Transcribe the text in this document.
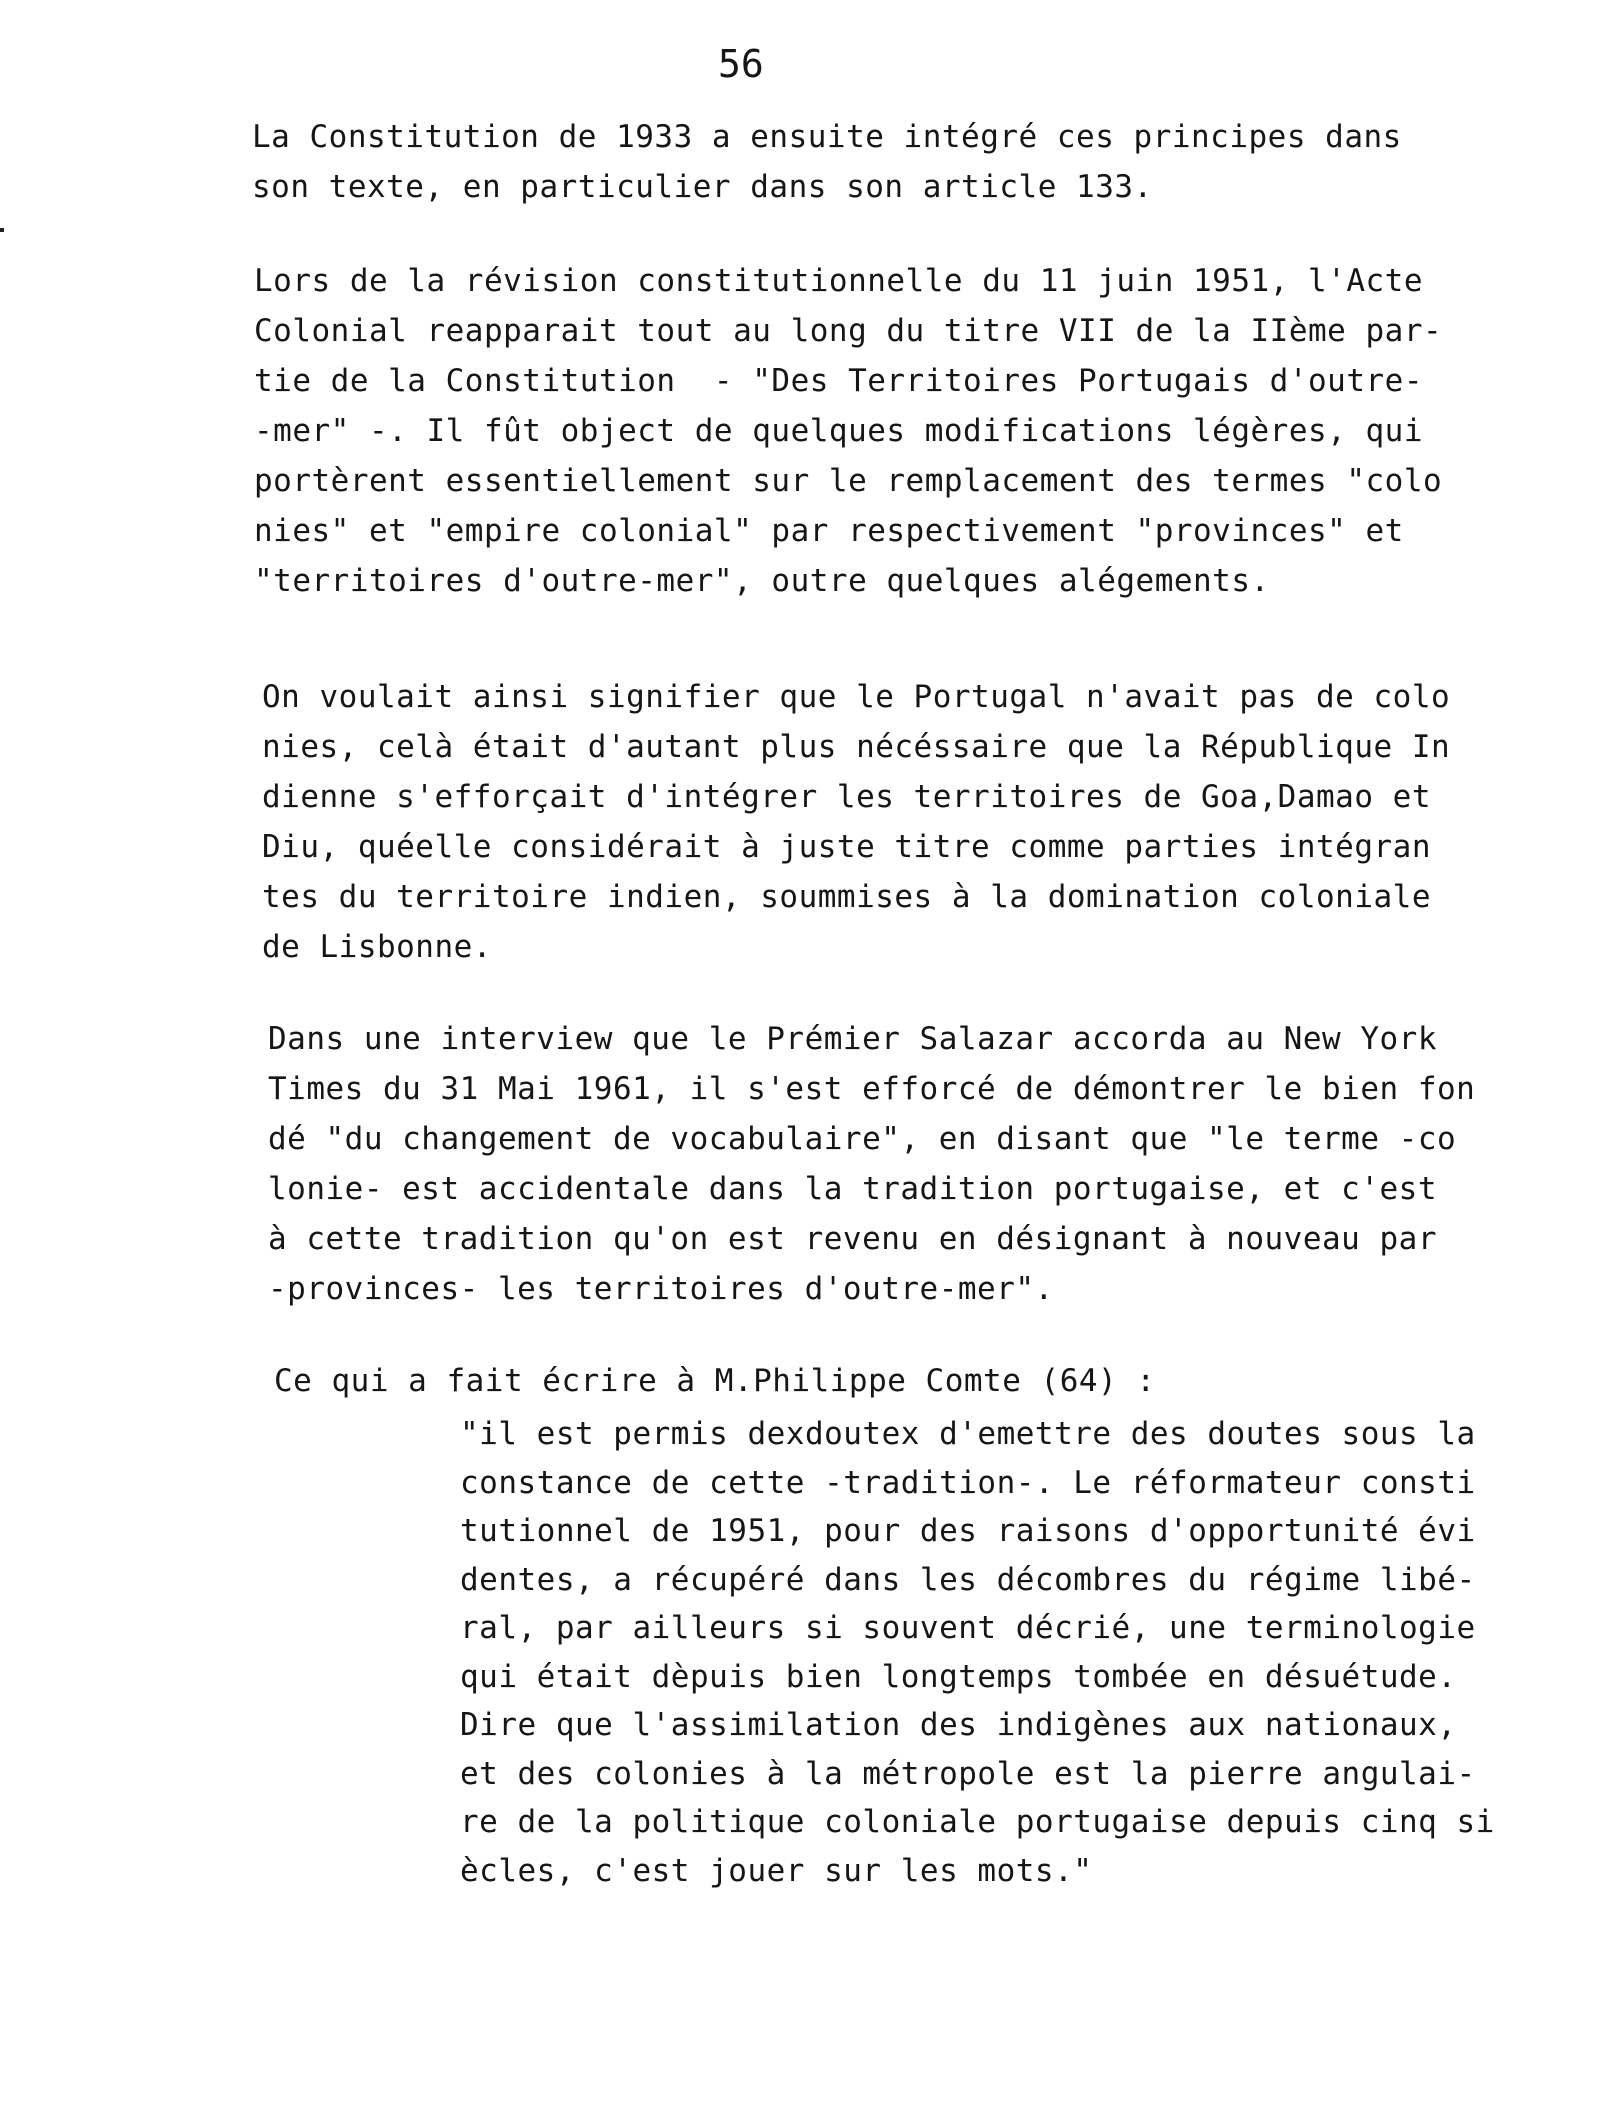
56
La Constitution de 1933 a ensuite intégré ces principes dans
son texte, en particulier dans son article 133.
Lors de la révision constitutionnelle du 11 juin 1951, l'Acte
Colonial reapparait tout au long du titre VII de la IIème par-
tie de la Constitution  - "Des Territoires Portugais d'outre-
-mer" -. Il fût object de quelques modifications légères, qui
portèrent essentiellement sur le remplacement des termes "colo
nies" et "empire colonial" par respectivement "provinces" et
"territoires d'outre-mer", outre quelques alégements.
On voulait ainsi signifier que le Portugal n'avait pas de colo
nies, celà était d'autant plus nécéssaire que la République In
dienne s'efforçait d'intégrer les territoires de Goa,Damao et
Diu, quéelle considérait à juste titre comme parties intégran
tes du territoire indien, soummises à la domination coloniale
de Lisbonne.
Dans une interview que le Prémier Salazar accorda au New York
Times du 31 Mai 1961, il s'est efforcé de démontrer le bien fon
dé "du changement de vocabulaire", en disant que "le terme -co
lonie- est accidentale dans la tradition portugaise, et c'est
à cette tradition qu'on est revenu en désignant à nouveau par
-provinces- les territoires d'outre-mer".
Ce qui a fait écrire à M.Philippe Comte (64) :
"il est permis dexdoutex d'emettre des doutes sous la
constance de cette -tradition-. Le réformateur consti
tutionnel de 1951, pour des raisons d'opportunité évi
dentes, a récupéré dans les décombres du régime libé-
ral, par ailleurs si souvent décrié, une terminologie
qui était dèpuis bien longtemps tombée en désuétude.
Dire que l'assimilation des indigènes aux nationaux,
et des colonies à la métropole est la pierre angulai-
re de la politique coloniale portugaise depuis cinq si
ècles, c'est jouer sur les mots."
